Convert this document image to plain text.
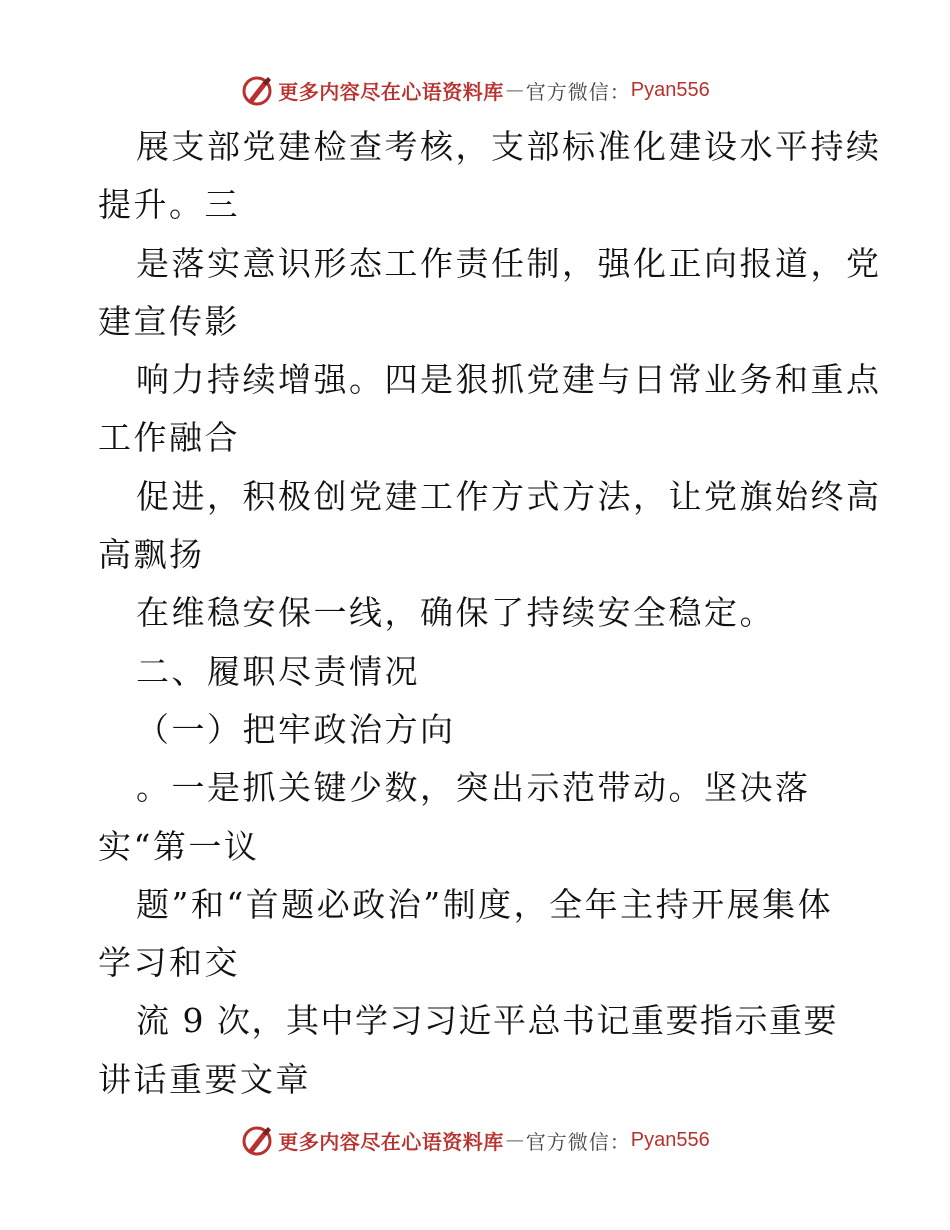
更多内容尽在心语资料库 — 官方微信： Pyan556
展支部党建检查考核，支部标准化建设水平持续
提升。三
是落实意识形态工作责任制，强化正向报道，党
建宣传影
响力持续增强。四是狠抓党建与日常业务和重点
工作融合
促进，积极创党建工作方式方法，让党旗始终高
高飘扬
在维稳安保一线，确保了持续安全稳定。
二、履职尽责情况
（一）把牢政治方向
。一是抓关键少数，突出示范带动。坚决落
实“第一议
题”和“首题必政治”制度，全年主持开展集体
学习和交
流 9 次，其中学习习近平总书记重要指示重要
讲话重要文章
更多内容尽在心语资料库 — 官方微信： Pyan556
